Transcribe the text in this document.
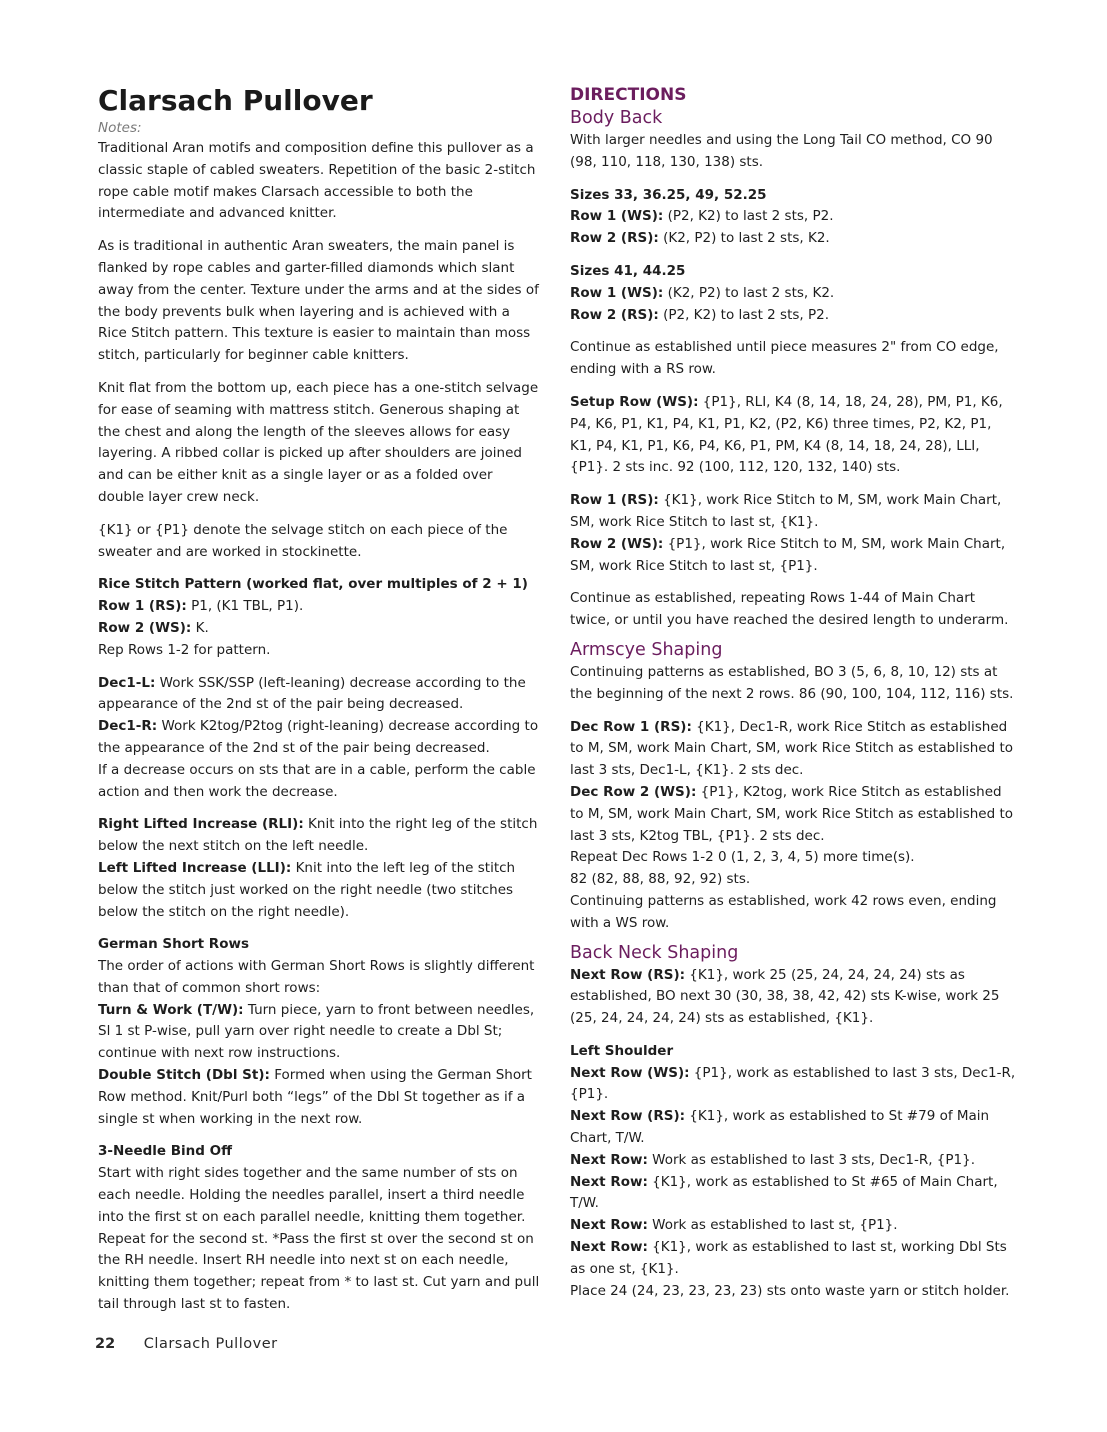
Clarsach Pullover
Notes:

Traditional Aran motifs and composition define this pullover as a classic staple of cabled sweaters. Repetition of the basic 2-stitch rope cable motif makes Clarsach accessible to both the intermediate and advanced knitter.

As is traditional in authentic Aran sweaters, the main panel is flanked by rope cables and garter-filled diamonds which slant away from the center. Texture under the arms and at the sides of the body prevents bulk when layering and is achieved with a Rice Stitch pattern. This texture is easier to maintain than moss stitch, particularly for beginner cable knitters.

Knit flat from the bottom up, each piece has a one-stitch selvage for ease of seaming with mattress stitch. Generous shaping at the chest and along the length of the sleeves allows for easy layering. A ribbed collar is picked up after shoulders are joined and can be either knit as a single layer or as a folded over double layer crew neck.

{K1} or {P1} denote the selvage stitch on each piece of the sweater and are worked in stockinette.

Rice Stitch Pattern (worked flat, over multiples of 2 + 1)
Row 1 (RS): P1, (K1 TBL, P1).
Row 2 (WS): K.
Rep Rows 1-2 for pattern.
Dec1-L: Work SSK/SSP (left-leaning) decrease according to the appearance of the 2nd st of the pair being decreased.
Dec1-R: Work K2tog/P2tog (right-leaning) decrease according to the appearance of the 2nd st of the pair being decreased.
If a decrease occurs on sts that are in a cable, perform the cable action and then work the decrease.
Right Lifted Increase (RLI): Knit into the right leg of the stitch below the next stitch on the left needle.
Left Lifted Increase (LLI): Knit into the left leg of the stitch below the stitch just worked on the right needle (two stitches below the stitch on the right needle).
German Short Rows
The order of actions with German Short Rows is slightly different than that of common short rows:
Turn & Work (T/W): Turn piece, yarn to front between needles, Sl 1 st P-wise, pull yarn over right needle to create a Dbl St; continue with next row instructions.
Double Stitch (Dbl St): Formed when using the German Short Row method. Knit/Purl both “legs” of the Dbl St together as if a single st when working in the next row.
3-Needle Bind Off
Start with right sides together and the same number of sts on each needle. Holding the needles parallel, insert a third needle into the first st on each parallel needle, knitting them together. Repeat for the second st. *Pass the first st over the second st on the RH needle. Insert RH needle into next st on each needle, knitting them together; repeat from * to last st. Cut yarn and pull tail through last st to fasten.
DIRECTIONS
Body Back

With larger needles and using the Long Tail CO method, CO 90 (98, 110, 118, 130, 138) sts.

Sizes 33, 36.25, 49, 52.25
Row 1 (WS): (P2, K2) to last 2 sts, P2.
Row 2 (RS): (K2, P2) to last 2 sts, K2.
Sizes 41, 44.25
Row 1 (WS): (K2, P2) to last 2 sts, K2.
Row 2 (RS): (P2, K2) to last 2 sts, P2.

Continue as established until piece measures 2" from CO edge, ending with a RS row.

Setup Row (WS): {P1}, RLI, K4 (8, 14, 18, 24, 28), PM, P1, K6, P4, K6, P1, K1, P4, K1, P1, K2, (P2, K6) three times, P2, K2, P1, K1, P4, K1, P1, K6, P4, K6, P1, PM, K4 (8, 14, 18, 24, 28), LLI, {P1}. 2 sts inc. 92 (100, 112, 120, 132, 140) sts.
Row 1 (RS): {K1}, work Rice Stitch to M, SM, work Main Chart, SM, work Rice Stitch to last st, {K1}.
Row 2 (WS): {P1}, work Rice Stitch to M, SM, work Main Chart, SM, work Rice Stitch to last st, {P1}.

Continue as established, repeating Rows 1-44 of Main Chart twice, or until you have reached the desired length to underarm.

Armscye Shaping

Continuing patterns as established, BO 3 (5, 6, 8, 10, 12) sts at the beginning of the next 2 rows. 86 (90, 100, 104, 112, 116) sts.

Dec Row 1 (RS): {K1}, Dec1-R, work Rice Stitch as established to M, SM, work Main Chart, SM, work Rice Stitch as established to last 3 sts, Dec1-L, {K1}. 2 sts dec.
Dec Row 2 (WS): {P1}, K2tog, work Rice Stitch as established to M, SM, work Main Chart, SM, work Rice Stitch as established to last 3 sts, K2tog TBL, {P1}. 2 sts dec.
Repeat Dec Rows 1-2 0 (1, 2, 3, 4, 5) more time(s).
82 (82, 88, 88, 92, 92) sts.
Continuing patterns as established, work 42 rows even, ending with a WS row.
Back Neck Shaping
Next Row (RS): {K1}, work 25 (25, 24, 24, 24, 24) sts as established, BO next 30 (30, 38, 38, 42, 42) sts K-wise, work 25 (25, 24, 24, 24, 24) sts as established, {K1}.
Left Shoulder
Next Row (WS): {P1}, work as established to last 3 sts, Dec1-R, {P1}.
Next Row (RS): {K1}, work as established to St #79 of Main Chart, T/W.
Next Row: Work as established to last 3 sts, Dec1-R, {P1}.
Next Row: {K1}, work as established to St #65 of Main Chart, T/W.
Next Row: Work as established to last st, {P1}.
Next Row: {K1}, work as established to last st, working Dbl Sts as one st, {K1}.
Place 24 (24, 23, 23, 23, 23) sts onto waste yarn or stitch holder.
22 Clarsach Pullover
